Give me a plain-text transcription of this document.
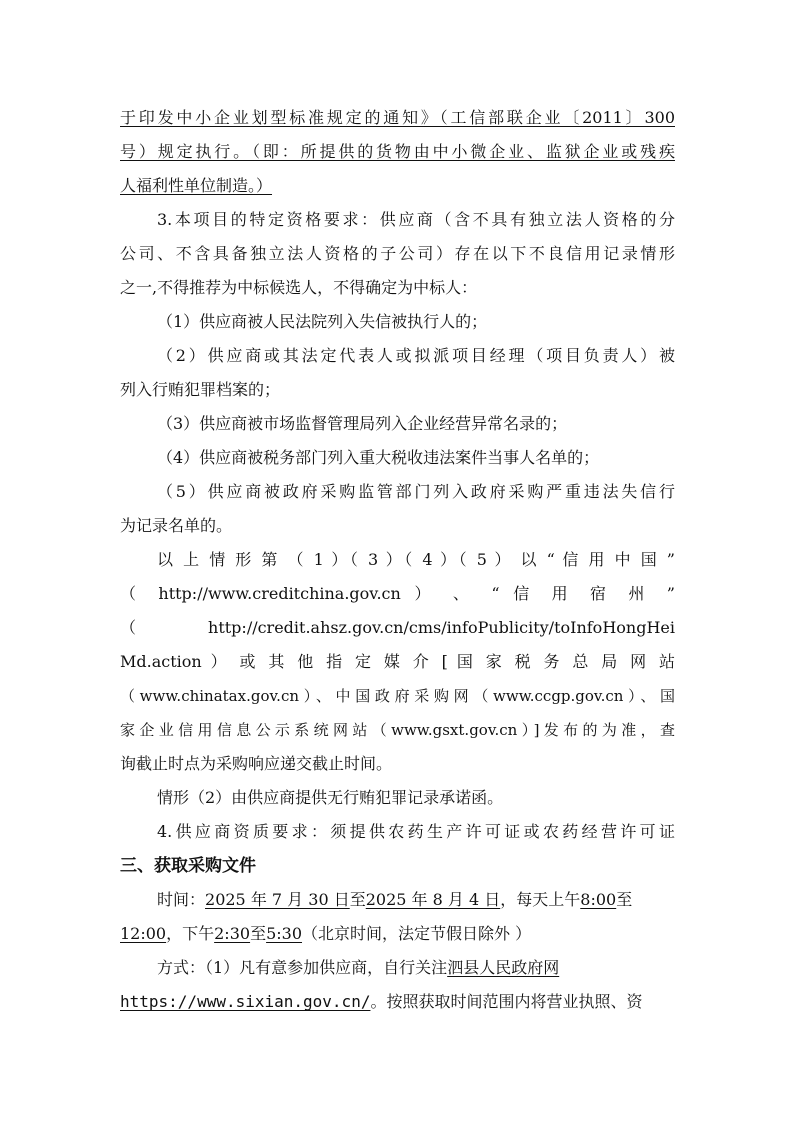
于印发中小企业划型标准规定的通知》（工信部联企业〔2011〕300
号）规定执行。（即：所提供的货物由中小微企业、监狱企业或残疾
人福利性单位制造。）
3.本项目的特定资格要求：供应商（含不具有独立法人资格的分
公司、不含具备独立法人资格的子公司）存在以下不良信用记录情形
之一,不得推荐为中标候选人，不得确定为中标人：
（1）供应商被人民法院列入失信被执行人的；
（2）供应商或其法定代表人或拟派项目经理（项目负责人）被
列入行贿犯罪档案的；
（3）供应商被市场监督管理局列入企业经营异常名录的；
（4）供应商被税务部门列入重大税收违法案件当事人名单的；
（5）供应商被政府采购监管部门列入政府采购严重违法失信行
为记录名单的。
以 上 情 形 第 （ 1 ）（ 3 ）（ 4 ）（ 5 ） 以 “ 信 用 中 国 ”
（ http://www.creditchina.gov.cn ） 、 “ 信 用 宿 州 ”
（http://credit.ahsz.gov.cn/cms/infoPublicity/toInfoHongHei
Md.action ） 或 其 他 指 定 媒 介 [ 国 家 税 务 总 局 网 站
（www.chinatax.gov.cn）、中国政府采购网（www.ccgp.gov.cn）、国
家企业信用信息公示系统网站（www.gsxt.gov.cn）]发布的为准，查
询截止时点为采购响应递交截止时间。
情形（2）由供应商提供无行贿犯罪记录承诺函。
4.供应商资质要求：须提供农药生产许可证或农药经营许可证
三、获取采购文件
时间：2025 年 7 月 30 日至2025 年 8 月 4 日，每天上午8:00至
12:00，下午2:30至5:30（北京时间，法定节假日除外 ）
方式：（1）凡有意参加供应商，自行关注泗县人民政府网
https://www.sixian.gov.cn/。按照获取时间范围内将营业执照、资
